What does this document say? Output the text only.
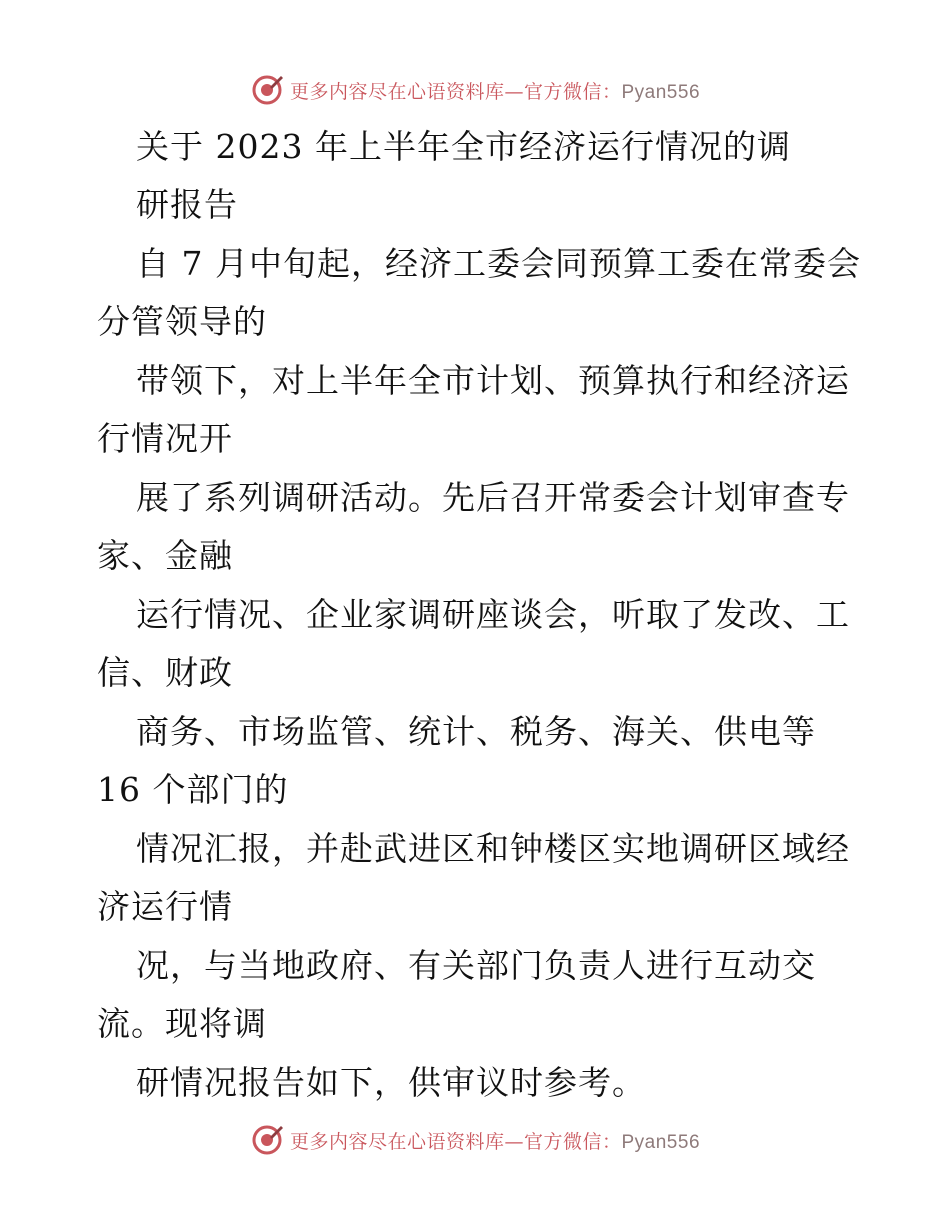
更多内容尽在心语资料库—官方微信：Pyan556
关于 2023 年上半年全市经济运行情况的调
研报告
自 7 月中旬起，经济工委会同预算工委在常委会
分管领导的
带领下，对上半年全市计划、预算执行和经济运
行情况开
展了系列调研活动。先后召开常委会计划审查专
家、金融
运行情况、企业家调研座谈会，听取了发改、工
信、财政
商务、市场监管、统计、税务、海关、供电等
16 个部门的
情况汇报，并赴武进区和钟楼区实地调研区域经
济运行情
况，与当地政府、有关部门负责人进行互动交
流。现将调
研情况报告如下，供审议时参考。
更多内容尽在心语资料库—官方微信：Pyan556
